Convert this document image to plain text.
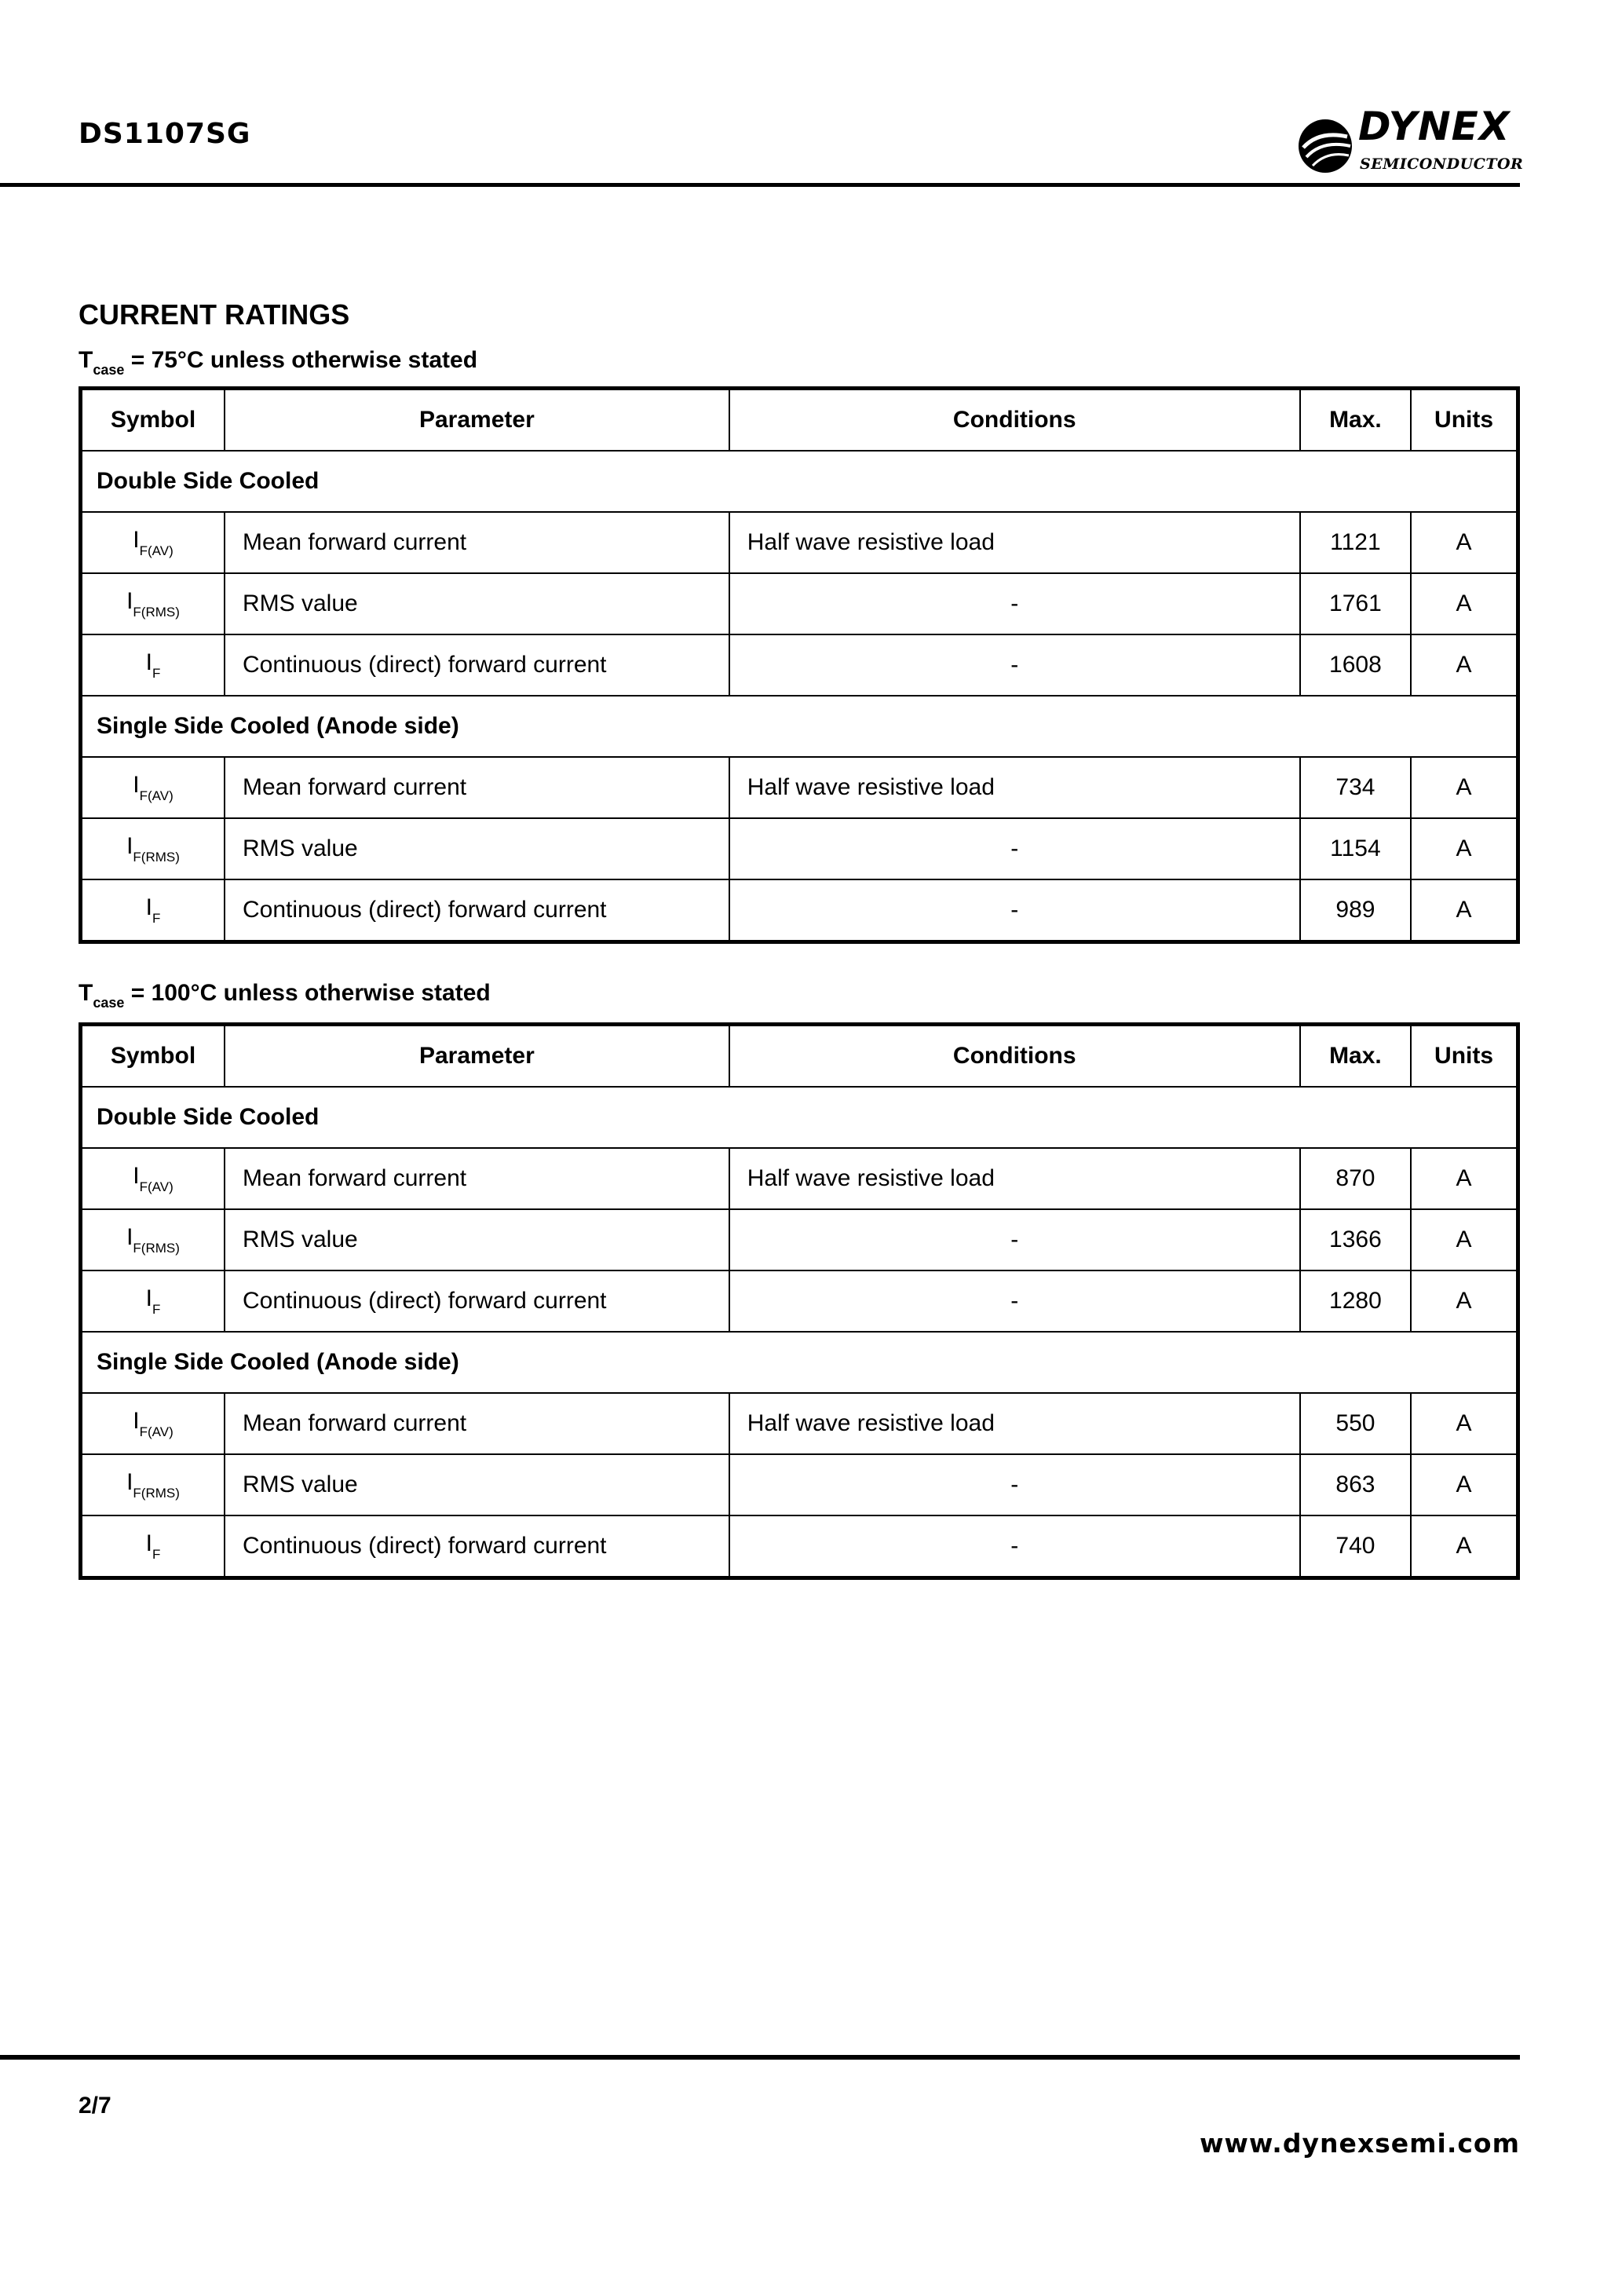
DS1107SG	DYNEX
SEMICONDUCTOR
CURRENT RATINGS
$T_{case} = 75^\circ C$ unless otherwise stated
Symbol	Parameter	Conditions	Max.	Units
Double Side Cooled				
$I_{F(AV)}$	Mean forward current	Half wave resistive load	1121	A
$I_{F(RMS)}$	RMS value	-	1761	A
$I_F$	Continuous (direct) forward current	-	1608	A
Single Side Cooled (Anode side)				
$I_{F(AV)}$	Mean forward current	Half wave resistive load	734	A
$I_{F(RMS)}$	RMS value	-	1154	A
$I_F$	Continuous (direct) forward current	-	989	A
$T_{case} = 100^\circ C$ unless otherwise stated
Symbol	Parameter	Conditions	Max.	Units
Double Side Cooled				
$I_{F(AV)}$	Mean forward current	Half wave resistive load	870	A
$I_{F(RMS)}$	RMS value	-	1366	A
$I_F$	Continuous (direct) forward current	-	1280	A
Single Side Cooled (Anode side)				
$I_{F(AV)}$	Mean forward current	Half wave resistive load	550	A
$I_{F(RMS)}$	RMS value	-	863	A
$I_F$	Continuous (direct) forward current	-	740	A
2/7
www.dynexsemi.com
